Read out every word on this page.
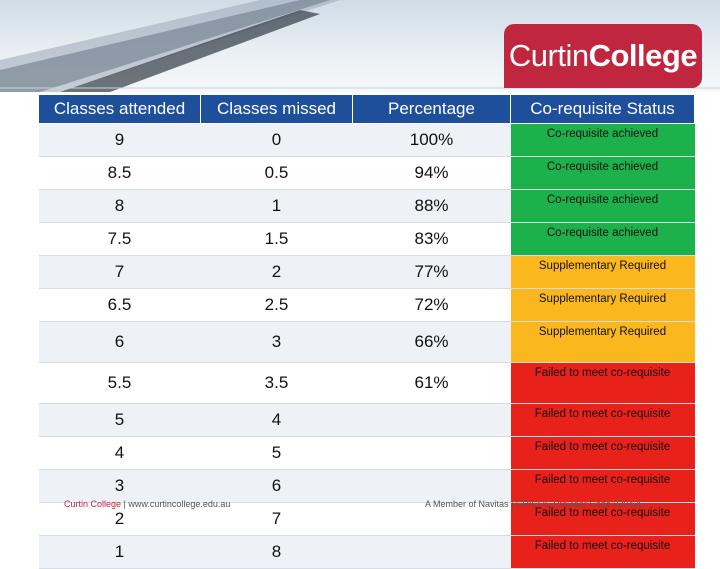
CurtinCollege
Classes attended	Classes missed	Percentage	Co-requisite Status
9	0	100%	Co-requisite achieved
8.5	0.5	94%	Co-requisite achieved
8	1	88%	Co-requisite achieved
7.5	1.5	83%	Co-requisite achieved
7	2	77%	Supplementary Required
6.5	2.5	72%	Supplementary Required
6	3	66%	Supplementary Required
5.5	3.5	61%	Failed to meet co-requisite
5	4		Failed to meet co-requisite
4	5		Failed to meet co-requisite
3	6		Failed to meet co-requisite
2	7		Failed to meet co-requisite
1	8		Failed to meet co-requisite
Curtin College | www.curtincollege.edu.au	A Member of Navitas | CRICOS Provider Code 02042G
